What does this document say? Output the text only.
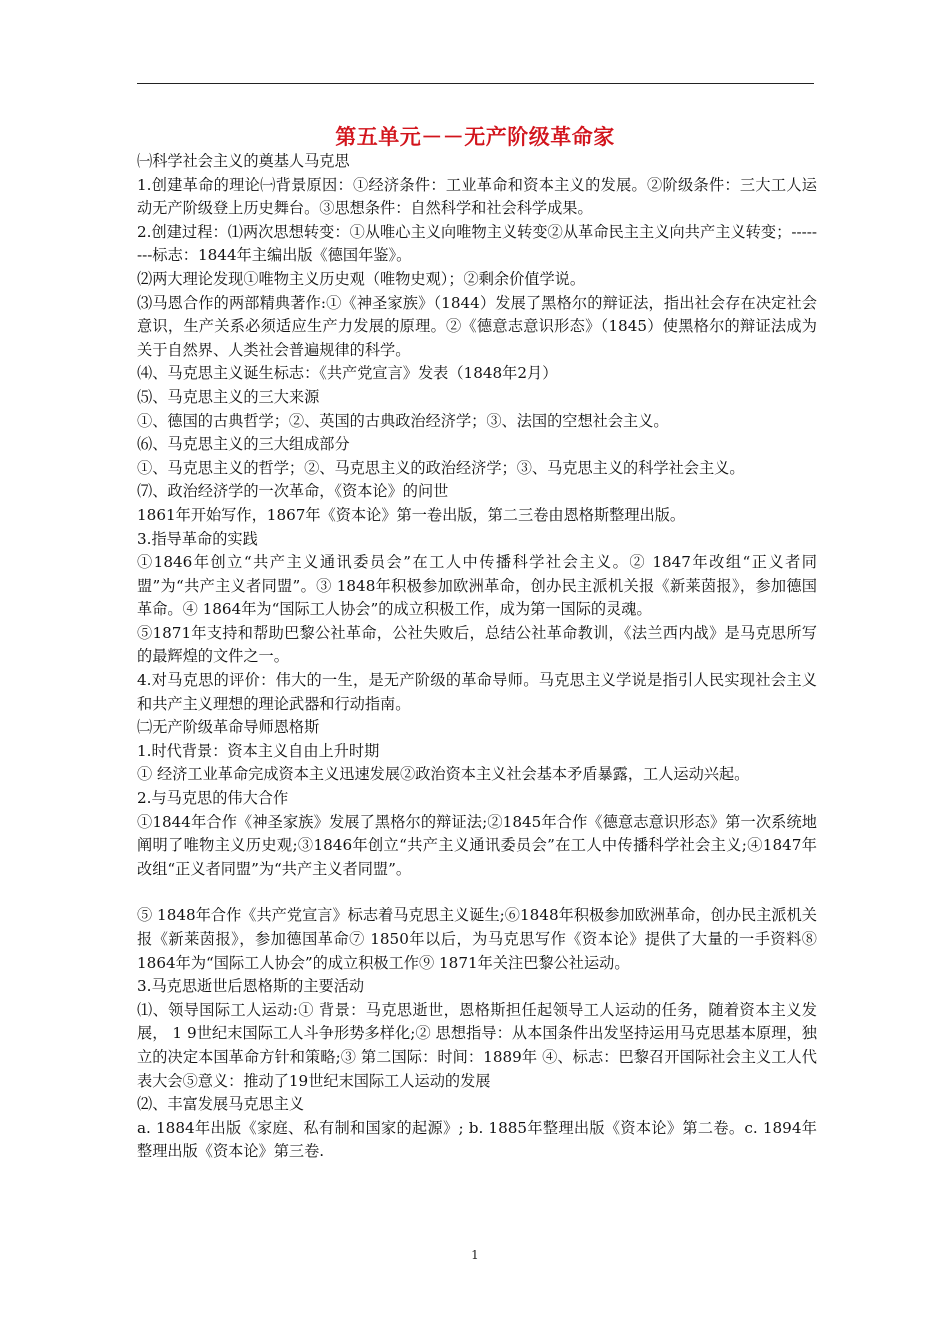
第五单元－－无产阶级革命家

㈠科学社会主义的奠基人马克思

1.创建革命的理论㈠背景原因：①经济条件：工业革命和资本主义的发展。②阶级条件：三大工人运动无产阶级登上历史舞台。③思想条件：自然科学和社会科学成果。

2.创建过程：⑴两次思想转变：①从唯心主义向唯物主义转变②从革命民主主义向共产主义转变；--------标志：1844年主编出版《德国年鉴》。

⑵两大理论发现①唯物主义历史观（唯物史观）；②剩余价值学说。

⑶马恩合作的两部精典著作:①《神圣家族》（1844）发展了黑格尔的辩证法，指出社会存在决定社会意识，生产关系必须适应生产力发展的原理。②《德意志意识形态》（1845）使黑格尔的辩证法成为关于自然界、人类社会普遍规律的科学。

⑷、马克思主义诞生标志：《共产党宣言》发表（1848年2月）

⑸、马克思主义的三大来源

①、德国的古典哲学；②、英国的古典政治经济学；③、法国的空想社会主义。

⑹、马克思主义的三大组成部分

①、马克思主义的哲学；②、马克思主义的政治经济学；③、马克思主义的科学社会主义。

⑺、政治经济学的一次革命，《资本论》的问世

1861年开始写作，1867年《资本论》第一卷出版，第二三卷由恩格斯整理出版。

3.指导革命的实践

①1846年创立“共产主义通讯委员会”在工人中传播科学社会主义。② 1847年改组“正义者同盟”为“共产主义者同盟”。③ 1848年积极参加欧洲革命，创办民主派机关报《新莱茵报》，参加德国革命。④ 1864年为“国际工人协会”的成立积极工作，成为第一国际的灵魂。

⑤1871年支持和帮助巴黎公社革命，公社失败后，总结公社革命教训，《法兰西内战》是马克思所写的最辉煌的文件之一。

4.对马克思的评价：伟大的一生，是无产阶级的革命导师。马克思主义学说是指引人民实现社会主义和共产主义理想的理论武器和行动指南。

㈡无产阶级革命导师恩格斯

1.时代背景：资本主义自由上升时期

① 经济工业革命完成资本主义迅速发展②政治资本主义社会基本矛盾暴露，工人运动兴起。

2.与马克思的伟大合作

①1844年合作《神圣家族》发展了黑格尔的辩证法;②1845年合作《德意志意识形态》第一次系统地阐明了唯物主义历史观;③1846年创立“共产主义通讯委员会”在工人中传播科学社会主义;④1847年改组“正义者同盟”为“共产主义者同盟”。

⑤ 1848年合作《共产党宣言》标志着马克思主义诞生;⑥1848年积极参加欧洲革命，创办民主派机关报《新莱茵报》，参加德国革命⑦ 1850年以后，为马克思写作《资本论》提供了大量的一手资料⑧ 1864年为“国际工人协会”的成立积极工作⑨ 1871年关注巴黎公社运动。

3.马克思逝世后恩格斯的主要活动

⑴、领导国际工人运动:① 背景：马克思逝世，恩格斯担任起领导工人运动的任务，随着资本主义发展， 1 9世纪末国际工人斗争形势多样化;② 思想指导：从本国条件出发坚持运用马克思基本原理，独立的决定本国革命方针和策略;③ 第二国际：时间：1889年 ④、标志：巴黎召开国际社会主义工人代表大会⑤意义：推动了19世纪末国际工人运动的发展

⑵、丰富发展马克思主义

a. 1884年出版《家庭、私有制和国家的起源》; b. 1885年整理出版《资本论》第二卷。c. 1894年整理出版《资本论》第三卷.

1
